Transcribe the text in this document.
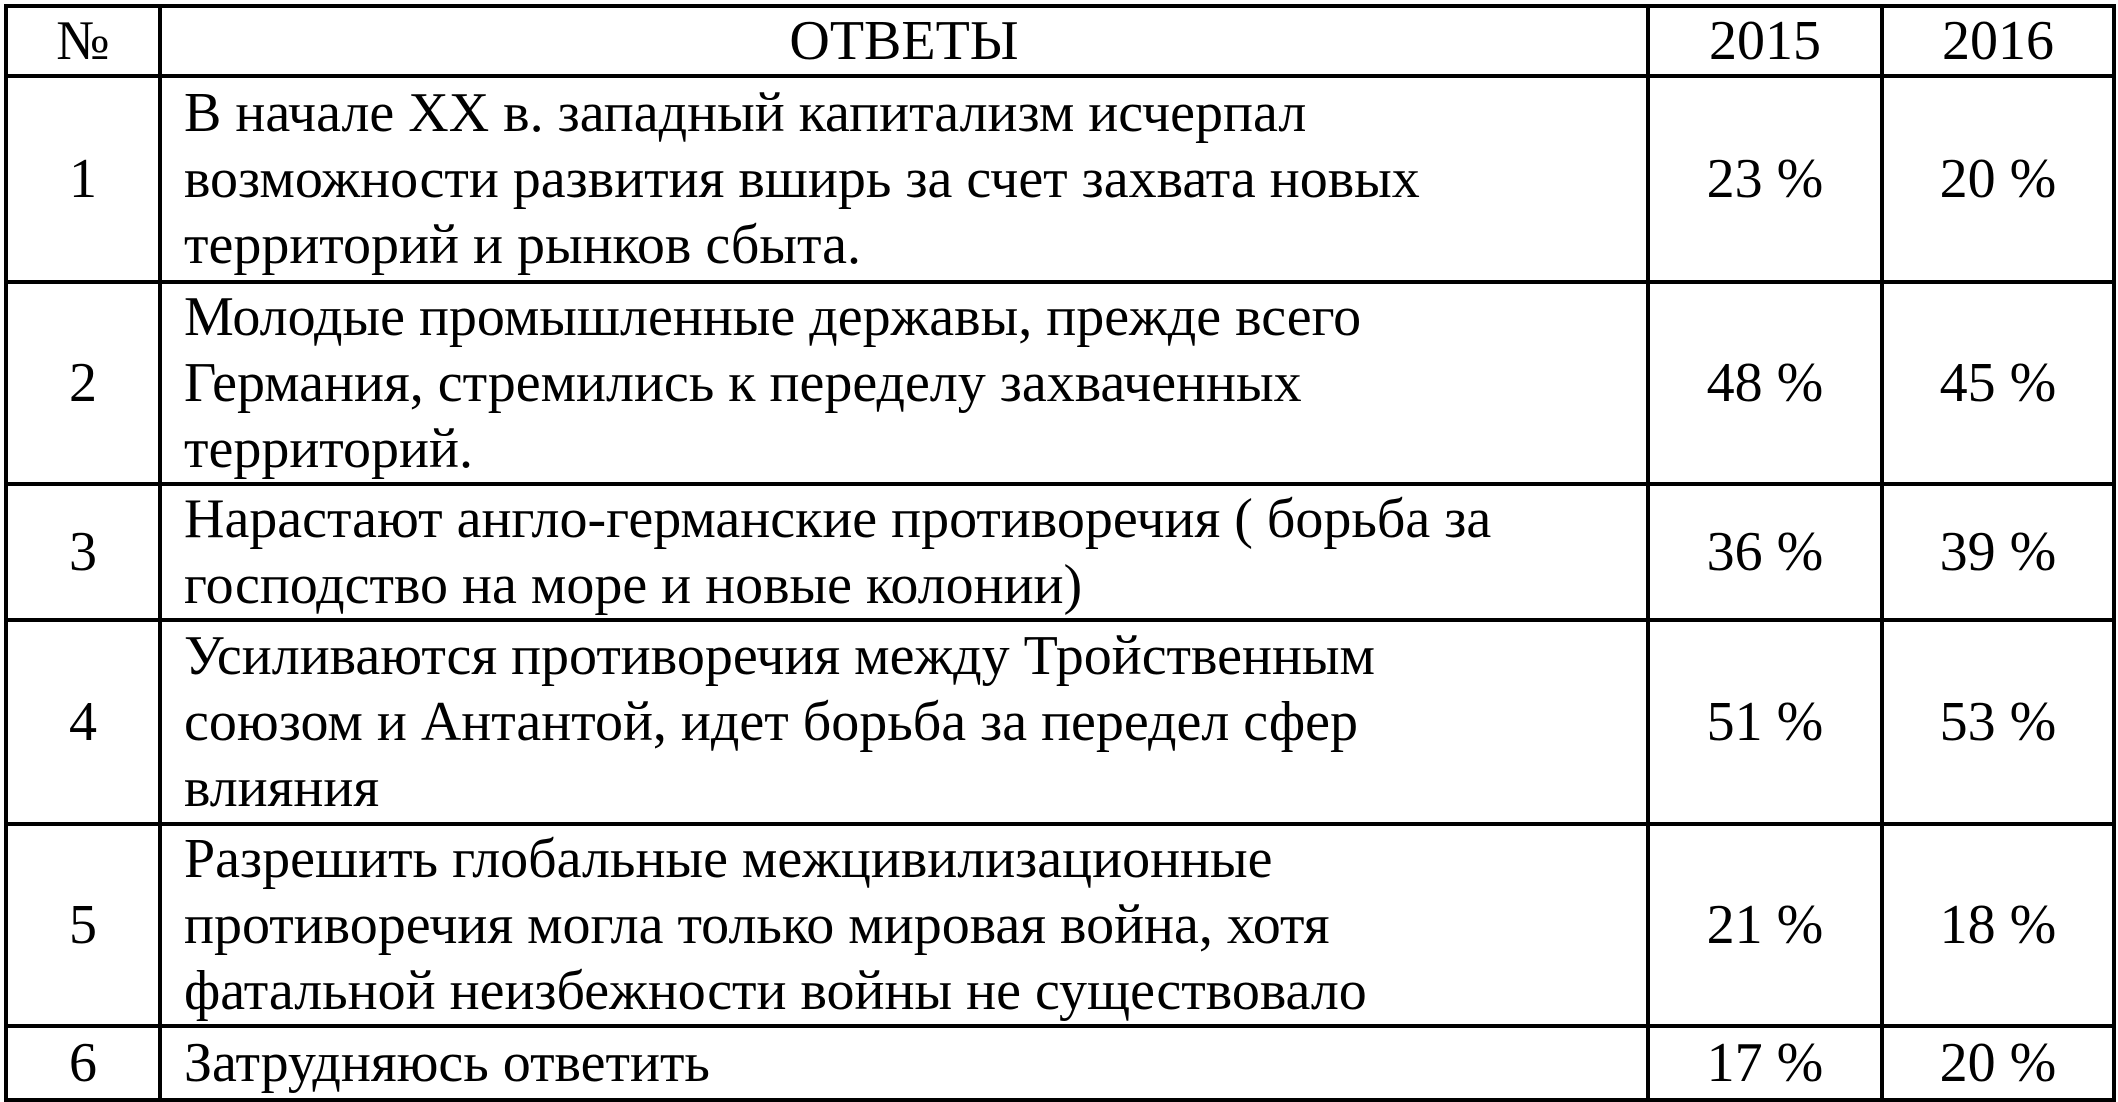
№	ОТВЕТЫ	2015	2016
1	В начале XX в. западный капитализм исчерпал
возможности развития вширь за счет захвата новых
территорий и рынков сбыта.	23 %	20 %
2	Молодые промышленные державы, прежде всего
Германия, стремились к переделу захваченных
территорий.	48 %	45 %
3	Нарастают англо-германские противоречия ( борьба за
господство на море и новые колонии)	36 %	39 %
4	Усиливаются противоречия между Тройственным
союзом и Антантой, идет борьба за передел сфер
влияния	51 %	53 %
5	Разрешить глобальные межцивилизационные
противоречия могла только мировая война, хотя
фатальной неизбежности войны не существовало	21 %	18 %
6	Затрудняюсь ответить	17 %	20 %
